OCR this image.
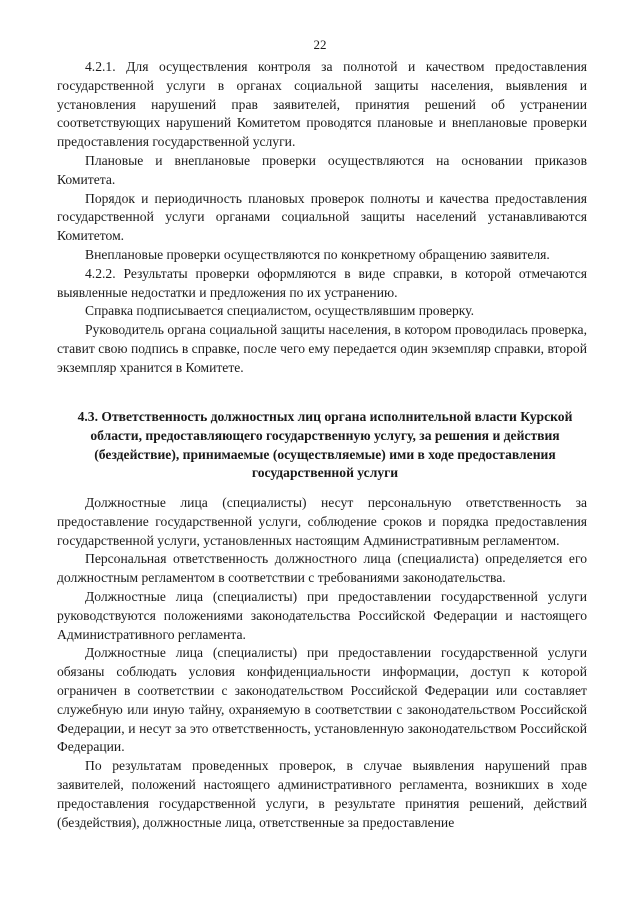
22

4.2.1. Для осуществления контроля за полнотой и качеством предоставления государственной услуги в органах социальной защиты населения, выявления и установления нарушений прав заявителей, принятия решений об устранении соответствующих нарушений Комитетом проводятся плановые и внеплановые проверки предоставления государственной услуги.

Плановые и внеплановые проверки осуществляются на основании приказов Комитета.

Порядок и периодичность плановых проверок полноты и качества предоставления государственной услуги органами социальной защиты населений устанавливаются Комитетом.

Внеплановые проверки осуществляются по конкретному обращению заявителя.

4.2.2. Результаты проверки оформляются в виде справки, в которой отмечаются выявленные недостатки и предложения по их устранению.

Справка подписывается специалистом, осуществлявшим проверку.

Руководитель органа социальной защиты населения, в котором проводилась проверка, ставит свою подпись в справке, после чего ему передается один экземпляр справки, второй экземпляр хранится в Комитете.

4.3. Ответственность должностных лиц органа исполнительной власти Курской области, предоставляющего государственную услугу, за решения и действия (бездействие), принимаемые (осуществляемые) ими в ходе предоставления государственной услуги

Должностные лица (специалисты) несут персональную ответственность за предоставление государственной услуги, соблюдение сроков и порядка предоставления государственной услуги, установленных настоящим Административным регламентом.

Персональная ответственность должностного лица (специалиста) определяется его должностным регламентом в соответствии с требованиями законодательства.

Должностные лица (специалисты) при предоставлении государственной услуги руководствуются положениями законодательства Российской Федерации и настоящего Административного регламента.

Должностные лица (специалисты) при предоставлении государственной услуги обязаны соблюдать условия конфиденциальности информации, доступ к которой ограничен в соответствии с законодательством Российской Федерации или составляет служебную или иную тайну, охраняемую в соответствии с законодательством Российской Федерации, и несут за это ответственность, установленную законодательством Российской Федерации.

По результатам проведенных проверок, в случае выявления нарушений прав заявителей, положений настоящего административного регламента, возникших в ходе предоставления государственной услуги, в результате принятия решений, действий (бездействия), должностные лица, ответственные за предоставление
